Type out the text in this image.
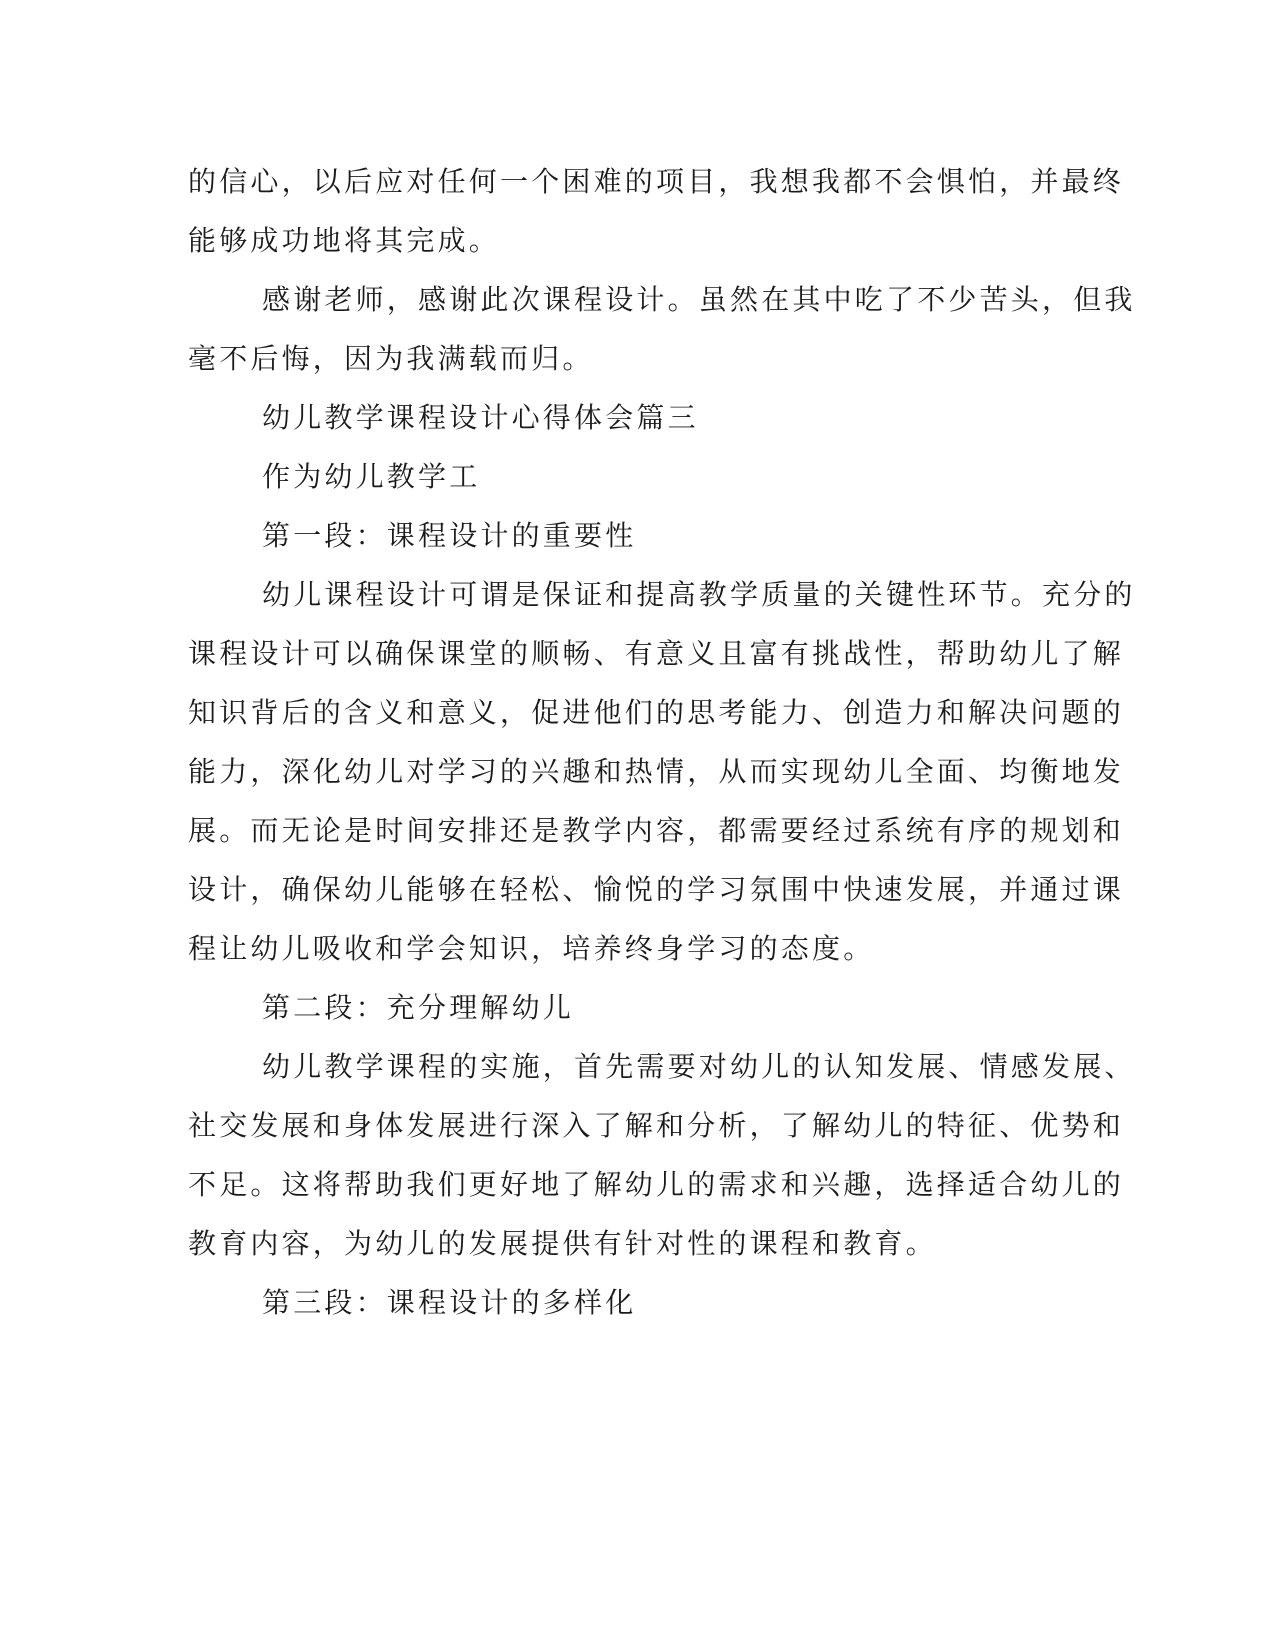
的信心，以后应对任何一个困难的项目，我想我都不会惧怕，并最终
能够成功地将其完成。
感谢老师，感谢此次课程设计。虽然在其中吃了不少苦头，但我
毫不后悔，因为我满载而归。
幼儿教学课程设计心得体会篇三
作为幼儿教学工
第一段：课程设计的重要性
幼儿课程设计可谓是保证和提高教学质量的关键性环节。充分的
课程设计可以确保课堂的顺畅、有意义且富有挑战性，帮助幼儿了解
知识背后的含义和意义，促进他们的思考能力、创造力和解决问题的
能力，深化幼儿对学习的兴趣和热情，从而实现幼儿全面、均衡地发
展。而无论是时间安排还是教学内容，都需要经过系统有序的规划和
设计，确保幼儿能够在轻松、愉悦的学习氛围中快速发展，并通过课
程让幼儿吸收和学会知识，培养终身学习的态度。
第二段：充分理解幼儿
幼儿教学课程的实施，首先需要对幼儿的认知发展、情感发展、
社交发展和身体发展进行深入了解和分析，了解幼儿的特征、优势和
不足。这将帮助我们更好地了解幼儿的需求和兴趣，选择适合幼儿的
教育内容，为幼儿的发展提供有针对性的课程和教育。
第三段：课程设计的多样化
